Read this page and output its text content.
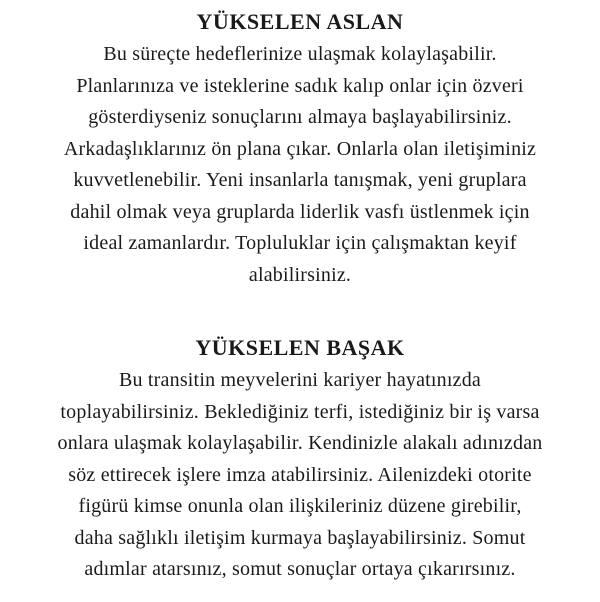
YÜKSELEN ASLAN
Bu süreçte hedeflerinize ulaşmak kolaylaşabilir.
Planlarınıza ve isteklerine sadık kalıp onlar için özveri
gösterdiyseniz sonuçlarını almaya başlayabilirsiniz.
Arkadaşlıklarınız ön plana çıkar. Onlarla olan iletişiminiz
kuvvetlenebilir. Yeni insanlarla tanışmak, yeni gruplara
dahil olmak veya gruplarda liderlik vasfı üstlenmek için
ideal zamanlardır. Topluluklar için çalışmaktan keyif
alabilirsiniz.
YÜKSELEN BAŞAK
Bu transitin meyvelerini kariyer hayatınızda
toplayabilirsiniz. Beklediğiniz terfi, istediğiniz bir iş varsa
onlara ulaşmak kolaylaşabilir. Kendinizle alakalı adınızdan
söz ettirecek işlere imza atabilirsiniz. Ailenizdeki otorite
figürü kimse onunla olan ilişkileriniz düzene girebilir,
daha sağlıklı iletişim kurmaya başlayabilirsiniz. Somut
adımlar atarsınız, somut sonuçlar ortaya çıkarırsınız.
